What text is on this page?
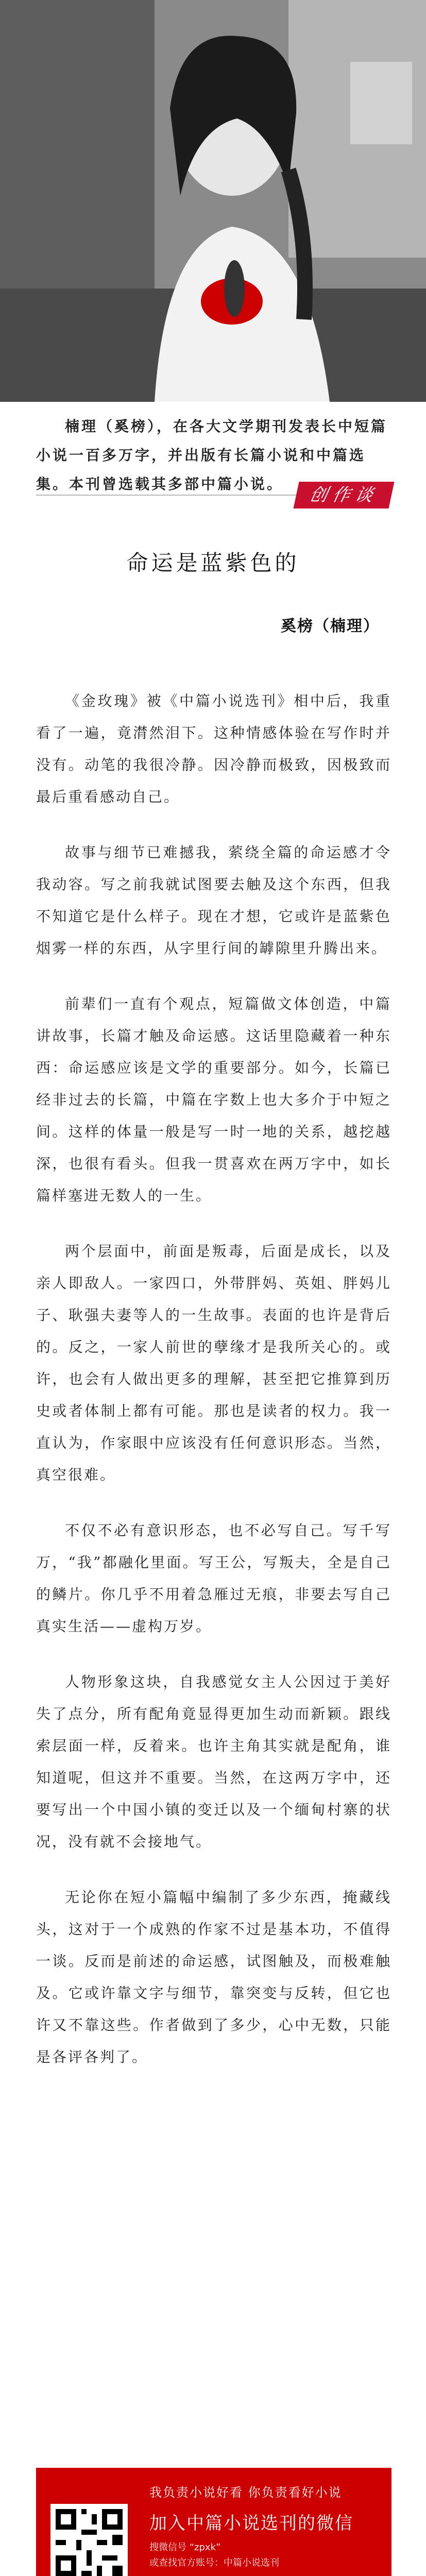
楠理（奚榜），在各大文学期刊发表长中短篇小说一百多万字，并出版有长篇小说和中篇选集。本刊曾选载其多部中篇小说。
创作谈
命运是蓝紫色的
奚榜（楠理）

《金玫瑰》被《中篇小说选刊》相中后，我重看了一遍，竟潸然泪下。这种情感体验在写作时并没有。动笔的我很冷静。因冷静而极致，因极致而最后重看感动自己。

故事与细节已难撼我，萦绕全篇的命运感才令我动容。写之前我就试图要去触及这个东西，但我不知道它是什么样子。现在才想，它或许是蓝紫色烟雾一样的东西，从字里行间的罅隙里升腾出来。

前辈们一直有个观点，短篇做文体创造，中篇讲故事，长篇才触及命运感。这话里隐藏着一种东西：命运感应该是文学的重要部分。如今，长篇已经非过去的长篇，中篇在字数上也大多介于中短之间。这样的体量一般是写一时一地的关系，越挖越深，也很有看头。但我一贯喜欢在两万字中，如长篇样塞进无数人的一生。

两个层面中，前面是叛毒，后面是成长，以及亲人即敌人。一家四口，外带胖妈、英姐、胖妈儿子、耿强夫妻等人的一生故事。表面的也许是背后的。反之，一家人前世的孽缘才是我所关心的。或许，也会有人做出更多的理解，甚至把它推算到历史或者体制上都有可能。那也是读者的权力。我一直认为，作家眼中应该没有任何意识形态。当然，真空很难。

不仅不必有意识形态，也不必写自己。写千写万，“我”都融化里面。写王公，写叛夫，全是自己的鳞片。你几乎不用着急雁过无痕，非要去写自己真实生活——虚构万岁。

人物形象这块，自我感觉女主人公因过于美好失了点分，所有配角竟显得更加生动而新颖。跟线索层面一样，反着来。也许主角其实就是配角，谁知道呢，但这并不重要。当然，在这两万字中，还要写出一个中国小镇的变迁以及一个缅甸村寨的状况，没有就不会接地气。

无论你在短小篇幅中编制了多少东西，掩藏线头，这对于一个成熟的作家不过是基本功，不值得一谈。反而是前述的命运感，试图触及，而极难触及。它或许靠文字与细节，靠突变与反转，但它也许又不靠这些。作者做到了多少，心中无数，只能是各评各判了。

我负责小说好看 你负责看好小说
加入中篇小说选刊的微信
搜微信号 “zpxk”
或查找官方账号：中篇小说选刊
